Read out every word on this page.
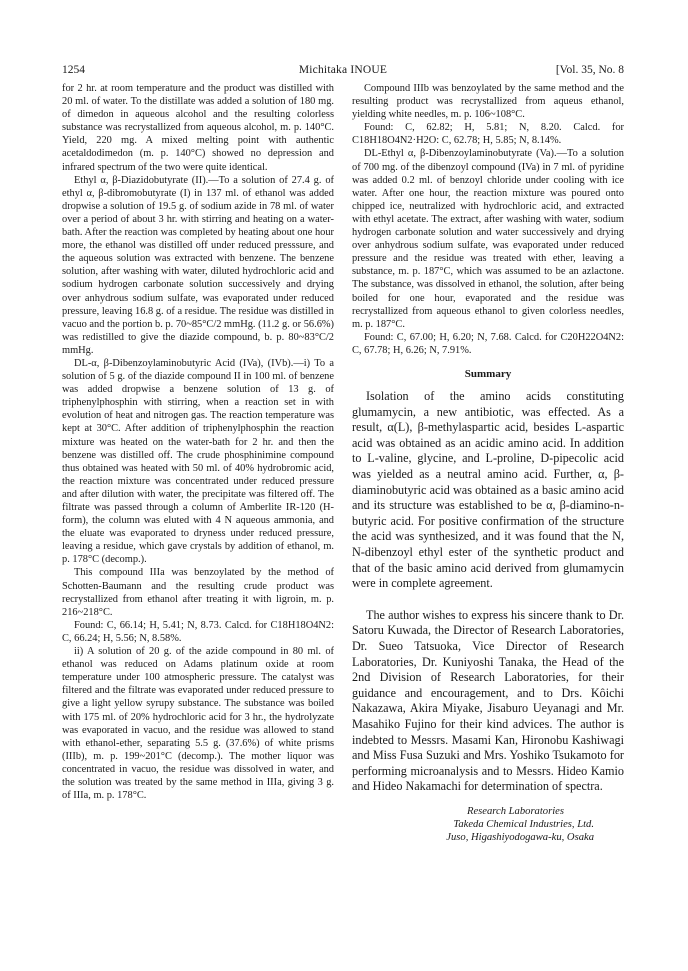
1254	Michitaka INOUE	[Vol. 35, No. 8

for 2 hr. at room temperature and the product was distilled with 20 ml. of water. To the distillate was added a solution of 180 mg. of dimedon in aqueous alcohol and the resulting colorless substance was recrystallized from aqueous alcohol, m. p. 140°C. Yield, 220 mg. A mixed melting point with authentic acetaldodimedon (m. p. 140°C) showed no depression and infrared spectrum of the two were quite identical.

Ethyl α, β-Diazidobutyrate (II).—To a solution of 27.4 g. of ethyl α, β-dibromobutyrate (I) in 137 ml. of ethanol was added dropwise a solution of 19.5 g. of sodium azide in 78 ml. of water over a period of about 3 hr. with stirring and heating on a water-bath. After the reaction was completed by heating about one hour more, the ethanol was distilled off under reduced presssure, and the aqueous solution was extracted with benzene. The benzene solution, after washing with water, diluted hydrochloric acid and sodium hydrogen carbonate solution successively and drying over anhydrous sodium sulfate, was evaporated under reduced pressure, leaving 16.8 g. of a residue. The residue was distilled in vacuo and the portion b. p. 70~85°C/2 mmHg. (11.2 g. or 56.6%) was redistilled to give the diazide compound, b. p. 80~83°C/2 mmHg.

DL-α, β-Dibenzoylaminobutyric Acid (IVa), (IVb).—i) To a solution of 5 g. of the diazide compound II in 100 ml. of benzene was added dropwise a benzene solution of 13 g. of triphenylphosphin with stirring, when a reaction set in with evolution of heat and nitrogen gas. The reaction temperature was kept at 30°C. After addition of triphenylphosphin the reaction mixture was heated on the water-bath for 2 hr. and then the benzene was distilled off. The crude phosphinimine compound thus obtained was heated with 50 ml. of 40% hydrobromic acid, the reaction mixture was concentrated under reduced pressure and after dilution with water, the precipitate was filtered off. The filtrate was passed through a column of Amberlite IR-120 (H-form), the column was eluted with 4 N aqueous ammonia, and the eluate was evaporated to dryness under reduced pressure, leaving a residue, which gave crystals by addition of ethanol, m. p. 178°C (decomp.).

This compound IIIa was benzoylated by the method of Schotten-Baumann and the resulting crude product was recrystallized from ethanol after treating it with ligroin, m. p. 216~218°C.

Found: C, 66.14; H, 5.41; N, 8.73. Calcd. for C18H18O4N2: C, 66.24; H, 5.56; N, 8.58%.

ii) A solution of 20 g. of the azide compound in 80 ml. of ethanol was reduced on Adams platinum oxide at room temperature under 100 atmospheric pressure. The catalyst was filtered and the filtrate was evaporated under reduced pressure to give a light yellow syrupy substance. The substance was boiled with 175 ml. of 20% hydrochloric acid for 3 hr., the hydrolyzate was evaporated in vacuo, and the residue was allowed to stand with ethanol-ether, separating 5.5 g. (37.6%) of white prisms (IIIb), m. p. 199~201°C (decomp.). The mother liquor was concentrated in vacuo, the residue was dissolved in water, and the solution was treated by the same method in IIIa, giving 3 g. of IIIa, m. p. 178°C.

Compound IIIb was benzoylated by the same method and the resulting product was recrystallized from aqueus ethanol, yielding white needles, m. p. 106~108°C.

Found: C, 62.82; H, 5.81; N, 8.20. Calcd. for C18H18O4N2·H2O: C, 62.78; H, 5.85; N, 8.14%.

DL-Ethyl α, β-Dibenzoylaminobutyrate (Va).—To a solution of 700 mg. of the dibenzoyl compound (IVa) in 7 ml. of pyridine was added 0.2 ml. of benzoyl chloride under cooling with ice water. After one hour, the reaction mixture was poured onto chipped ice, neutralized with hydrochloric acid, and extracted with ethyl acetate. The extract, after washing with water, sodium hydrogen carbonate solution and water successively and drying over anhydrous sodium sulfate, was evaporated under reduced pressure and the residue was treated with ether, leaving a substance, m. p. 187°C, which was assumed to be an azlactone. The substance, was dissolved in ethanol, the solution, after being boiled for one hour, evaporated and the residue was recrystallized from aqueous ethanol to given colorless needles, m. p. 187°C.

Found: C, 67.00; H, 6.20; N, 7.68. Calcd. for C20H22O4N2: C, 67.78; H, 6.26; N, 7.91%.

Summary

Isolation of the amino acids constituting glumamycin, a new antibiotic, was effected. As a result, α(L), β-methylaspartic acid, besides L-aspartic acid was obtained as an acidic amino acid. In addition to L-valine, glycine, and L-proline, D-pipecolic acid was yielded as a neutral amino acid. Further, α, β-diaminobutyric acid was obtained as a basic amino acid and its structure was established to be α, β-diamino-n-butyric acid. For positive confirmation of the structure the acid was synthesized, and it was found that the N, N-dibenzoyl ethyl ester of the synthetic product and that of the basic amino acid derived from glumamycin were in complete agreement.

The author wishes to express his sincere thank to Dr. Satoru Kuwada, the Director of Research Laboratories, Dr. Sueo Tatsuoka, Vice Director of Research Laboratories, Dr. Kuniyoshi Tanaka, the Head of the 2nd Division of Research Laboratories, for their guidance and encouragement, and to Drs. Kôichi Nakazawa, Akira Miyake, Jisaburo Ueyanagi and Mr. Masahiko Fujino for their kind advices. The author is indebted to Messrs. Masami Kan, Hironobu Kashiwagi and Miss Fusa Suzuki and Mrs. Yoshiko Tsukamoto for performing microanalysis and to Messrs. Hideo Kamio and Hideo Nakamachi for determination of spectra.

Research Laboratories
Takeda Chemical Industries, Ltd.
Juso, Higashiyodogawa-ku, Osaka
